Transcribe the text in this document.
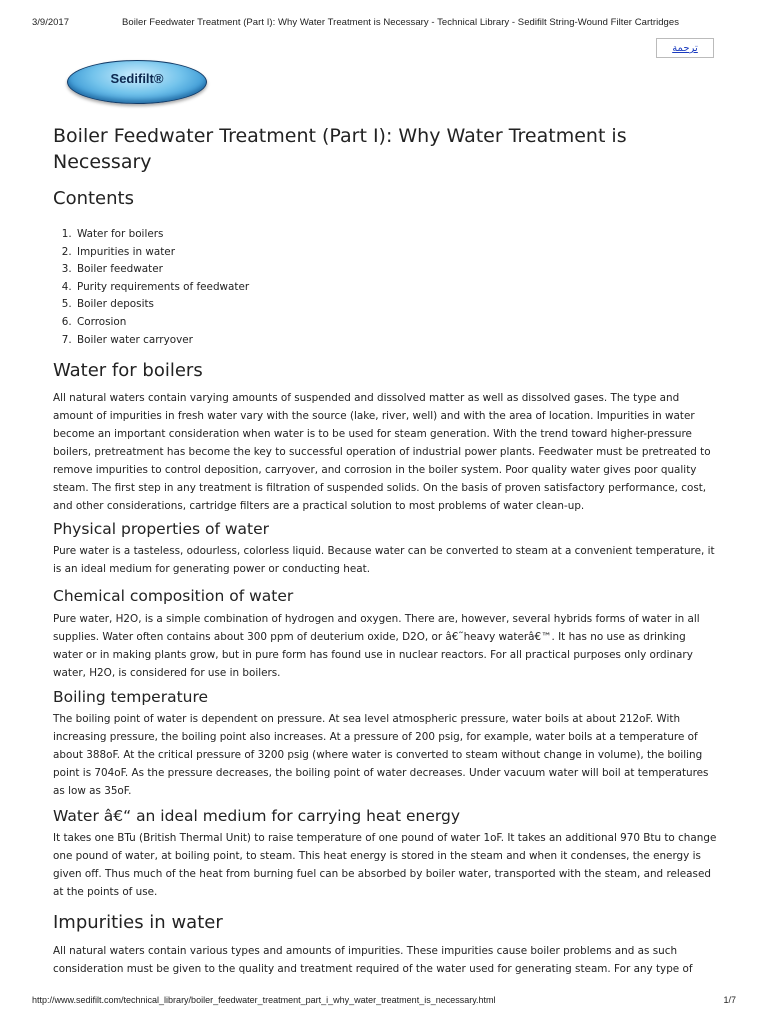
3/9/2017	Boiler Feedwater Treatment (Part I): Why Water Treatment is Necessary - Technical Library - Sedifilt String-Wound Filter Cartridges
ترجمة
Sedifilt®
Boiler Feedwater Treatment (Part I): Why Water Treatment is Necessary
Contents
1. Water for boilers
2. Impurities in water
3. Boiler feedwater
4. Purity requirements of feedwater
5. Boiler deposits
6. Corrosion
7. Boiler water carryover
Water for boilers

All natural waters contain varying amounts of suspended and dissolved matter as well as dissolved gases. The type and amount of impurities in fresh water vary with the source (lake, river, well) and with the area of location. Impurities in water become an important consideration when water is to be used for steam generation. With the trend toward higher-pressure boilers, pretreatment has become the key to successful operation of industrial power plants. Feedwater must be pretreated to remove impurities to control deposition, carryover, and corrosion in the boiler system. Poor quality water gives poor quality steam. The first step in any treatment is filtration of suspended solids. On the basis of proven satisfactory performance, cost, and other considerations, cartridge filters are a practical solution to most problems of water clean-up.

Physical properties of water

Pure water is a tasteless, odourless, colorless liquid. Because water can be converted to steam at a convenient temperature, it is an ideal medium for generating power or conducting heat.

Chemical composition of water

Pure water, H2O, is a simple combination of hydrogen and oxygen. There are, however, several hybrids forms of water in all supplies. Water often contains about 300 ppm of deuterium oxide, D2O, or â€˜heavy waterâ€™. It has no use as drinking water or in making plants grow, but in pure form has found use in nuclear reactors. For all practical purposes only ordinary water, H2O, is considered for use in boilers.

Boiling temperature

The boiling point of water is dependent on pressure. At sea level atmospheric pressure, water boils at about 212oF. With increasing pressure, the boiling point also increases. At a pressure of 200 psig, for example, water boils at a temperature of about 388oF. At the critical pressure of 3200 psig (where water is converted to steam without change in volume), the boiling point is 704oF. As the pressure decreases, the boiling point of water decreases. Under vacuum water will boil at temperatures as low as 35oF.

Water â€“ an ideal medium for carrying heat energy

It takes one BTu (British Thermal Unit) to raise temperature of one pound of water 1oF. It takes an additional 970 Btu to change one pound of water, at boiling point, to steam. This heat energy is stored in the steam and when it condenses, the energy is given off. Thus much of the heat from burning fuel can be absorbed by boiler water, transported with the steam, and released at the points of use.

Impurities in water

All natural waters contain various types and amounts of impurities. These impurities cause boiler problems and as such consideration must be given to the quality and treatment required of the water used for generating steam. For any type of

http://www.sedifilt.com/technical_library/boiler_feedwater_treatment_part_i_why_water_treatment_is_necessary.html	1/7
